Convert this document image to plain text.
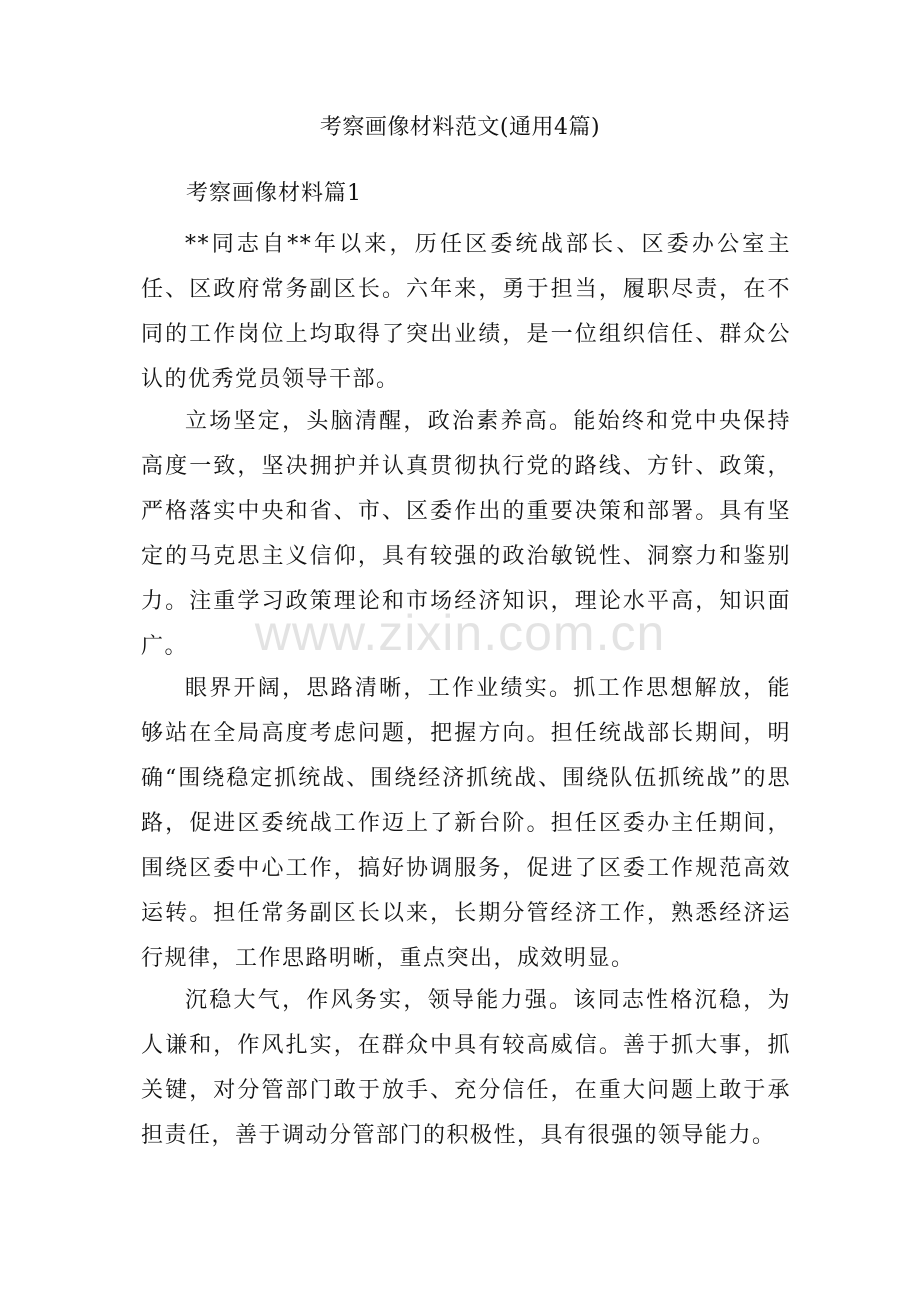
考察画像材料范文(通用4篇)
考察画像材料篇1

**同志自**年以来，历任区委统战部长、区委办公室主任、区政府常务副区长。六年来，勇于担当，履职尽责，在不同的工作岗位上均取得了突出业绩，是一位组织信任、群众公认的优秀党员领导干部。

立场坚定，头脑清醒，政治素养高。能始终和党中央保持高度一致，坚决拥护并认真贯彻执行党的路线、方针、政策，严格落实中央和省、市、区委作出的重要决策和部署。具有坚定的马克思主义信仰，具有较强的政治敏锐性、洞察力和鉴别力。注重学习政策理论和市场经济知识，理论水平高，知识面广。

眼界开阔，思路清晰，工作业绩实。抓工作思想解放，能够站在全局高度考虑问题，把握方向。担任统战部长期间，明确“围绕稳定抓统战、围绕经济抓统战、围绕队伍抓统战”的思路，促进区委统战工作迈上了新台阶。担任区委办主任期间，围绕区委中心工作，搞好协调服务，促进了区委工作规范高效运转。担任常务副区长以来，长期分管经济工作，熟悉经济运行规律，工作思路明晰，重点突出，成效明显。

沉稳大气，作风务实，领导能力强。该同志性格沉稳，为人谦和，作风扎实，在群众中具有较高威信。善于抓大事，抓关键，对分管部门敢于放手、充分信任，在重大问题上敢于承担责任，善于调动分管部门的积极性，具有很强的领导能力。

www.zixin.com.cn
